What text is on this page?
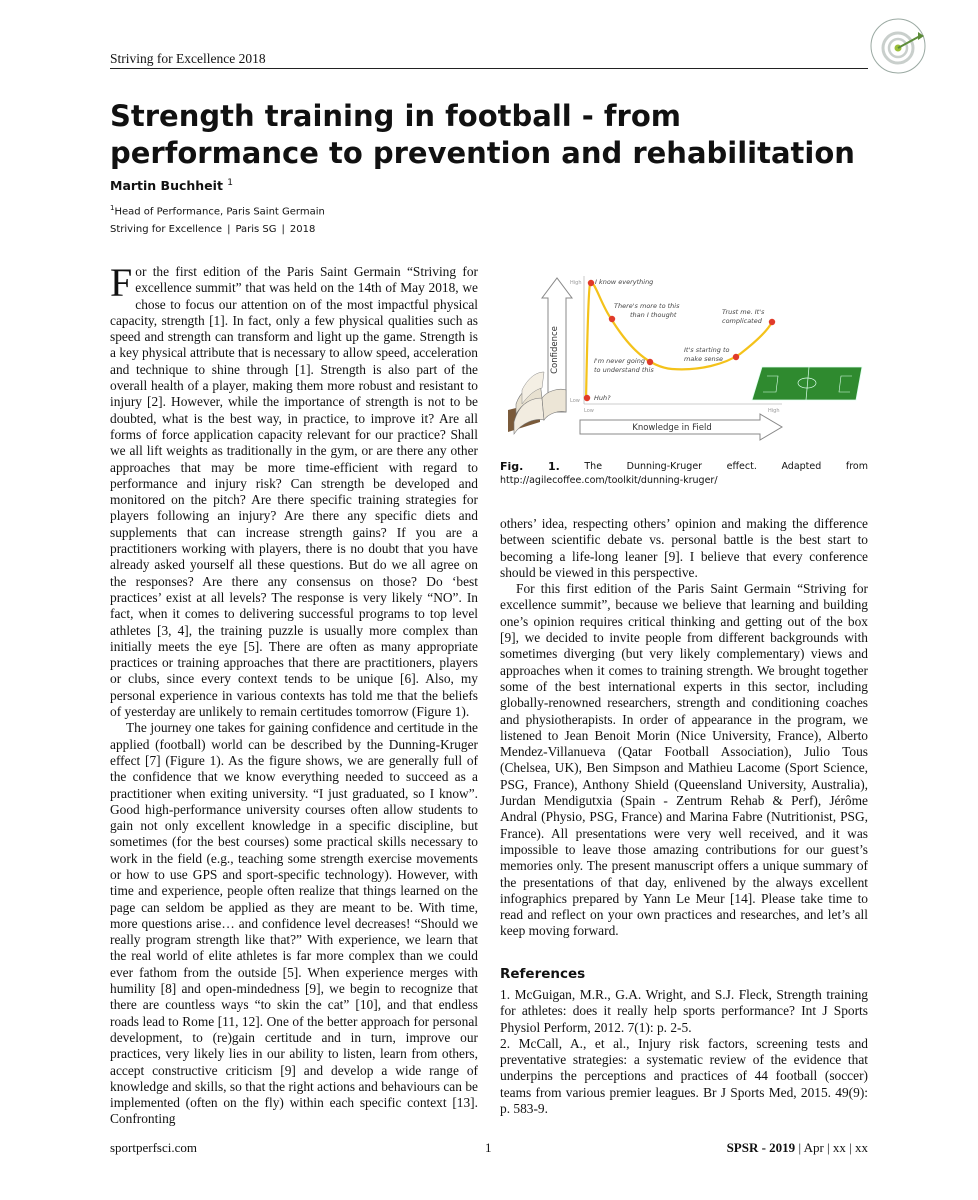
Striving for Excellence 2018
Strength training in football - from performance to prevention and rehabilitation
Martin Buchheit $^1$
$^1$Head of Performance, Paris Saint Germain
Striving for Excellence | Paris SG | 2018

For the first edition of the Paris Saint Germain “Striving for excellence summit” that was held on the 14th of May 2018, we chose to focus our attention on of the most impactful physical capacity, strength [1]. In fact, only a few physical qualities such as speed and strength can transform and light up the game. Strength is a key physical attribute that is necessary to allow speed, acceleration and technique to shine through [1]. Strength is also part of the overall health of a player, making them more robust and resistant to injury [2]. However, while the importance of strength is not to be doubted, what is the best way, in practice, to improve it? Are all forms of force application capacity relevant for our practice? Shall we all lift weights as traditionally in the gym, or are there any other approaches that may be more time-efficient with regard to performance and injury risk? Can strength be developed and monitored on the pitch? Are there specific training strategies for players following an injury? Are there any specific diets and supplements that can increase strength gains? If you are a practitioners working with players, there is no doubt that you have already asked yourself all these questions. But do we all agree on the responses? Are there any consensus on those? Do ‘best practices’ exist at all levels? The response is very likely “NO”. In fact, when it comes to delivering successful programs to top level athletes [3, 4], the training puzzle is usually more complex than initially meets the eye [5]. There are often as many appropriate practices or training approaches that there are practitioners, players or clubs, since every context tends to be unique [6]. Also, my personal experience in various contexts has told me that the beliefs of yesterday are unlikely to remain certitudes tomorrow (Figure 1).

The journey one takes for gaining confidence and certitude in the applied (football) world can be described by the Dunning-Kruger effect [7] (Figure 1). As the figure shows, we are generally full of the confidence that we know everything needed to succeed as a practitioner when exiting university. “I just graduated, so I know”. Good high-performance university courses often allow students to gain not only excellent knowledge in a specific discipline, but sometimes (for the best courses) some practical skills necessary to work in the field (e.g., teaching some strength exercise movements or how to use GPS and sport-specific technology). However, with time and experience, people often realize that things learned on the page can seldom be applied as they are meant to be. With time, more questions arise… and confidence level decreases! “Should we really program strength like that?” With experience, we learn that the real world of elite athletes is far more complex than we could ever fathom from the outside [5]. When experience merges with humility [8] and open-mindedness [9], we begin to recognize that there are countless ways “to skin the cat” [10], and that endless roads lead to Rome [11, 12]. One of the better approach for personal development, to (re)gain certitude and in turn, improve our practices, very likely lies in our ability to listen, learn from others, accept constructive criticism [9] and develop a wide range of knowledge and skills, so that the right actions and behaviours can be implemented (often on the fly) within each specific context [13]. Confronting

Confidence
Knowledge in Field
High
Low
Low	High
Huh?
I know everything
There's more to this
than I thought
I'm never going
to understand this
It's starting to
make sense
Trust me. It's
complicated
Fig. 1.	The	Dunning-Kruger	effect.	Adapted	from
http://agilecoffee.com/toolkit/dunning-kruger/

others’ idea, respecting others’ opinion and making the difference between scientific debate vs. personal battle is the best start to becoming a life-long leaner [9]. I believe that every conference should be viewed in this perspective.

For this first edition of the Paris Saint Germain “Striving for excellence summit”, because we believe that learning and building one’s opinion requires critical thinking and getting out of the box [9], we decided to invite people from different backgrounds with sometimes diverging (but very likely complementary) views and approaches when it comes to training strength. We brought together some of the best international experts in this sector, including globally-renowned researchers, strength and conditioning coaches and physiotherapists. In order of appearance in the program, we listened to Jean Benoit Morin (Nice University, France), Alberto Mendez-Villanueva (Qatar Football Association), Julio Tous (Chelsea, UK), Ben Simpson and Mathieu Lacome (Sport Science, PSG, France), Anthony Shield (Queensland University, Australia), Jurdan Mendigutxia (Spain - Zentrum Rehab & Perf), Jérôme Andral (Physio, PSG, France) and Marina Fabre (Nutritionist, PSG, France). All presentations were very well received, and it was impossible to leave those amazing contributions for our guest’s memories only. The present manuscript offers a unique summary of the presentations of that day, enlivened by the always excellent infographics prepared by Yann Le Meur [14]. Please take time to read and reflect on your own practices and researches, and let’s all keep moving forward.

References

1. McGuigan, M.R., G.A. Wright, and S.J. Fleck, Strength training for athletes: does it really help sports performance? Int J Sports Physiol Perform, 2012. 7(1): p. 2-5.

2. McCall, A., et al., Injury risk factors, screening tests and preventative strategies: a systematic review of the evidence that underpins the perceptions and practices of 44 football (soccer) teams from various premier leagues. Br J Sports Med, 2015. 49(9): p. 583-9.

sportperfsci.com	1	SPSR - 2019 | Apr | xx | xx
